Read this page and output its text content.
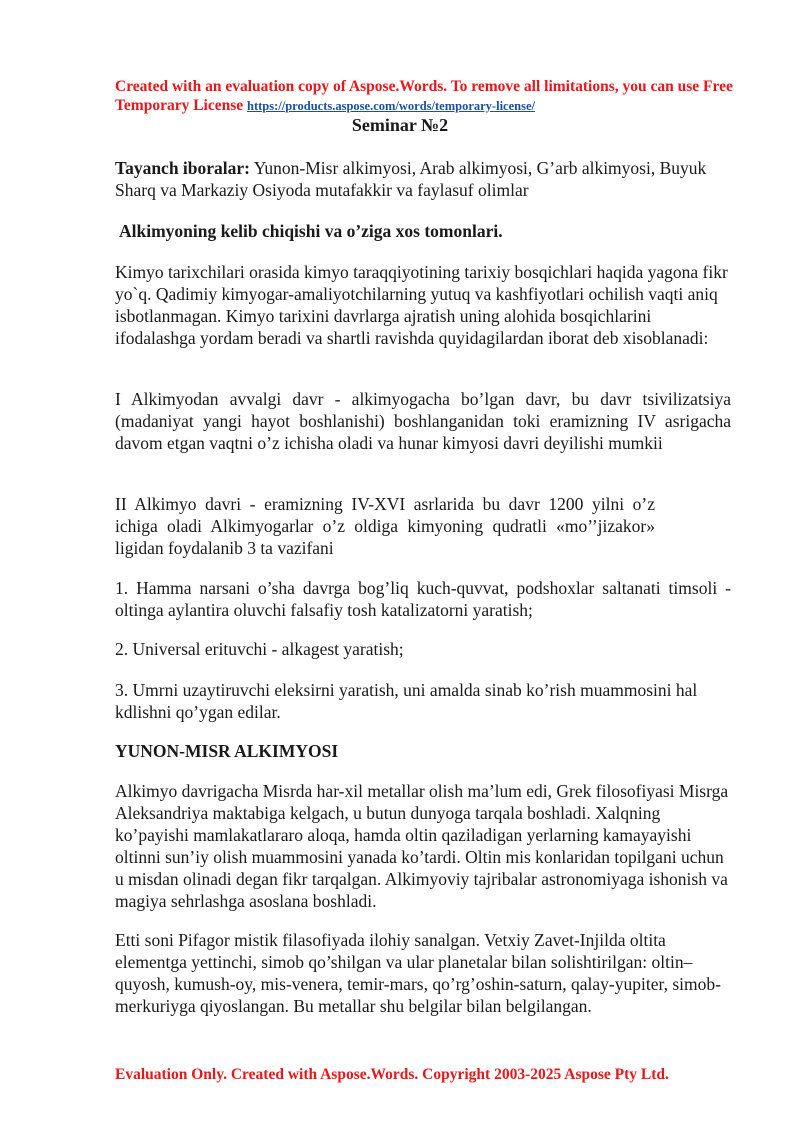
Created with an evaluation copy of Aspose.Words. To remove all limitations, you can use Free Temporary License https://products.aspose.com/words/temporary-license/
Seminar №2

Tayanch iboralar: Yunon-Misr alkimyosi, Arab alkimyosi, G’arb alkimyosi, Buyuk Sharq va Markaziy Osiyoda mutafakkir va faylasuf olimlar

Alkimyoning kelib chiqishi va o’ziga xos tomonlari.

Kimyo tarixchilari orasida kimyo taraqqiyotining tarixiy bosqichlari haqida yagona fikr yo`q. Qadimiy kimyogar-amaliyotchilarning yutuq va kashfiyotlari ochilish vaqti aniq isbotlanmagan. Kimyo tarixini davrlarga ajratish uning alohida bosqichlarini ifodalashga yordam beradi va shartli ravishda quyidagilardan iborat deb xisoblanadi:

I Alkimyodan avvalgi davr - alkimyogacha bo’lgan davr, bu davr tsivilizatsiya (madaniyat yangi hayot boshlanishi) boshlanganidan toki eramizning IV asrigacha davom etgan vaqtni o’z ichisha oladi va hunar kimyosi davri deyilishi mumkii

II Alkimyo davri - eramizning IV-XVI asrlarida bu davr 1200 yilni o’z ichiga oladi Alkimyogarlar o’z oldiga kimyoning qudratli «mo’’jizakor» ligidan foydalanib 3 ta vazifani

1. Hamma narsani o’sha davrga bog’liq kuch-quvvat, podshoxlar saltanati timsoli - oltinga aylantira oluvchi falsafiy tosh katalizatorni yaratish;

2. Universal erituvchi - alkagest yaratish;

3. Umrni uzaytiruvchi eleksirni yaratish, uni amalda sinab ko’rish muammosini hal kdlishni qo’ygan edilar.

YUNON-MISR ALKIMYOSI

Alkimyo davrigacha Misrda har-xil metallar olish ma’lum edi, Grek filosofiyasi Misrga Aleksandriya maktabiga kelgach, u butun dunyoga tarqala boshladi. Xalqning ko’payishi mamlakatlararo aloqa, hamda oltin qaziladigan yerlarning kamayayishi oltinni sun’iy olish muammosini yanada ko’tardi. Oltin mis konlaridan topilgani uchun u misdan olinadi degan fikr tarqalgan. Alkimyoviy tajribalar astronomiyaga ishonish va magiya sehrlashga asoslana boshladi.

Etti soni Pifagor mistik filasofiyada ilohiy sanalgan. Vetxiy Zavet-Injilda oltita elementga yettinchi, simob qo’shilgan va ular planetalar bilan solishtirilgan: oltin–quyosh, kumush-oy, mis-venera, temir-mars, qo’rg’oshin-saturn, qalay-yupiter, simob-merkuriyga qiyoslangan. Bu metallar shu belgilar bilan belgilangan.

Evaluation Only. Created with Aspose.Words. Copyright 2003-2025 Aspose Pty Ltd.
